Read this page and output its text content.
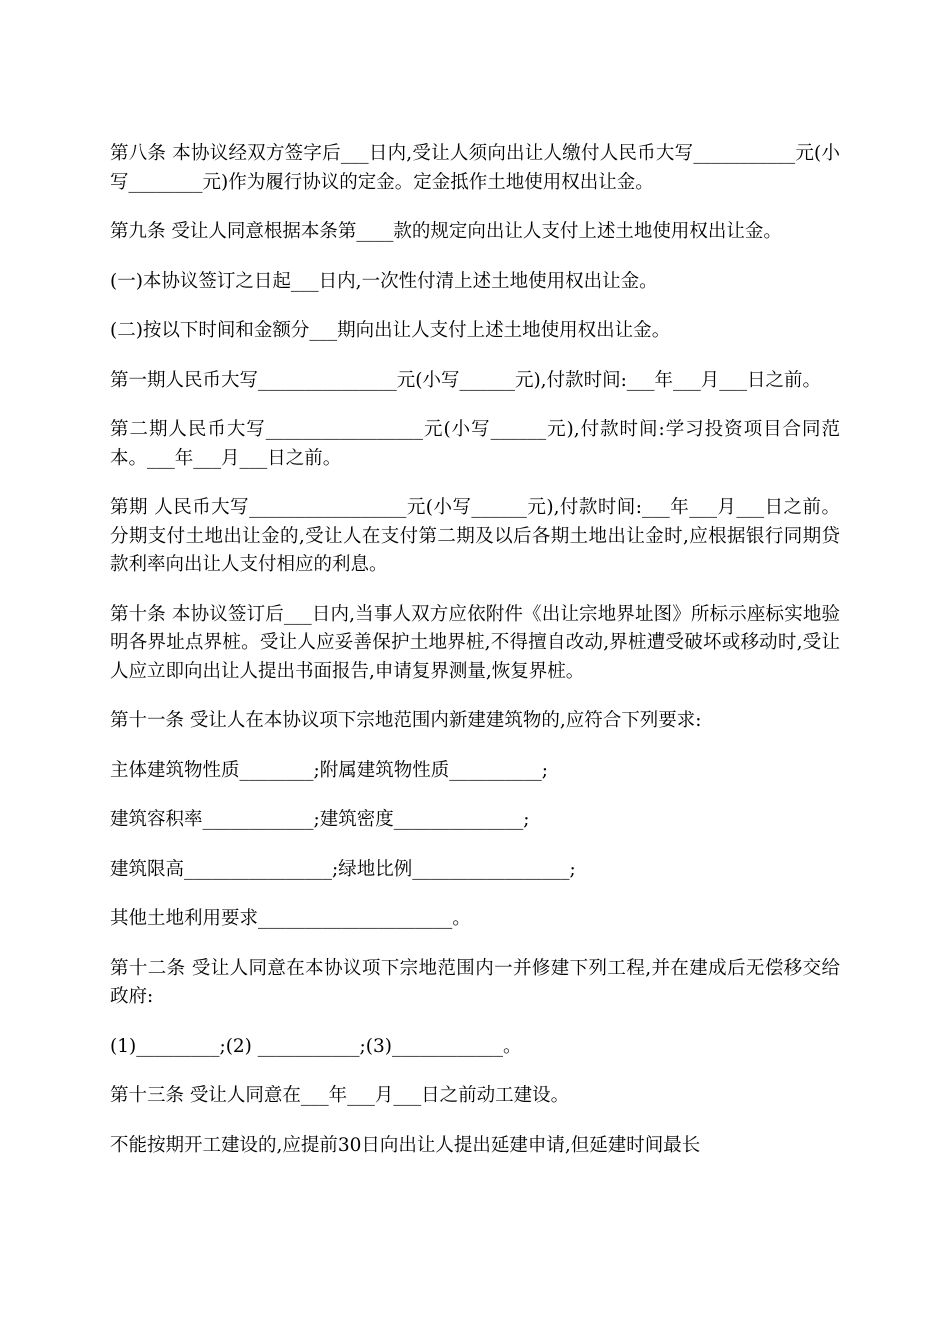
第八条 本协议经双方签字后___日内,受让人须向出让人缴付人民币大写___________元(小写________元)作为履行协议的定金。定金抵作土地使用权出让金。

第九条 受让人同意根据本条第____款的规定向出让人支付上述土地使用权出让金。

(一)本协议签订之日起___日内,一次性付清上述土地使用权出让金。

(二)按以下时间和金额分___期向出让人支付上述土地使用权出让金。

第一期人民币大写_______________元(小写______元),付款时间:___年___月___日之前。

第二期人民币大写_________________元(小写______元),付款时间:学习投资项目合同范本。___年___月___日之前。

第期 人民币大写_________________元(小写______元),付款时间:___年___月___日之前。分期支付土地出让金的,受让人在支付第二期及以后各期土地出让金时,应根据银行同期贷款利率向出让人支付相应的利息。

第十条 本协议签订后___日内,当事人双方应依附件《出让宗地界址图》所标示座标实地验明各界址点界桩。受让人应妥善保护土地界桩,不得擅自改动,界桩遭受破坏或移动时,受让人应立即向出让人提出书面报告,申请复界测量,恢复界桩。

第十一条 受让人在本协议项下宗地范围内新建建筑物的,应符合下列要求:

主体建筑物性质________;附属建筑物性质__________;

建筑容积率____________;建筑密度______________;

建筑限高________________;绿地比例_________________;

其他土地利用要求_____________________。

第十二条 受让人同意在本协议项下宗地范围内一并修建下列工程,并在建成后无偿移交给政府:

(1)_________;(2) ___________;(3)____________。

第十三条 受让人同意在___年___月___日之前动工建设。

不能按期开工建设的,应提前30日向出让人提出延建申请,但延建时间最长
